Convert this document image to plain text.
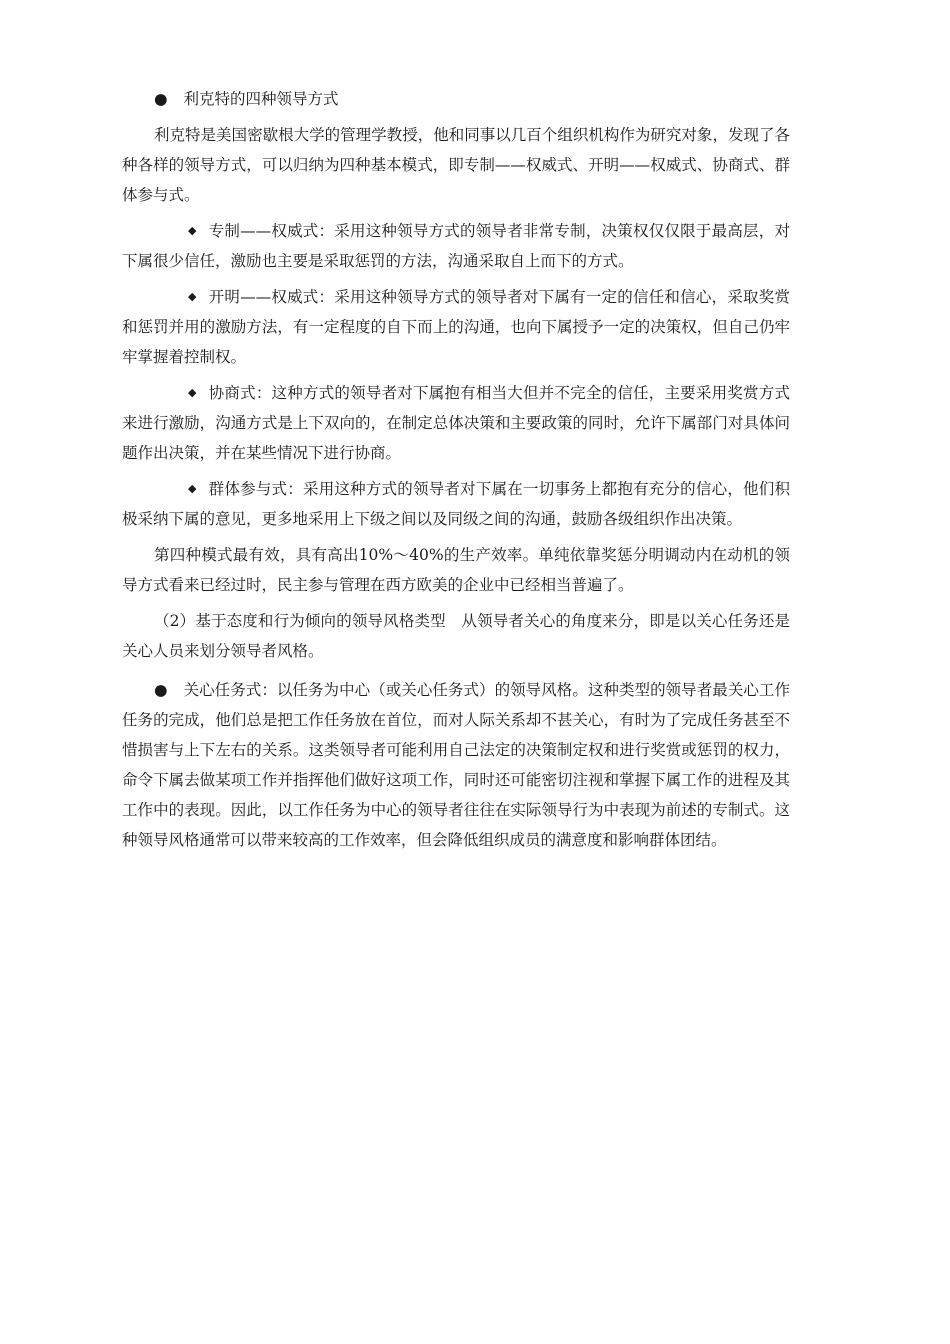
● 利克特的四种领导方式

利克特是美国密歇根大学的管理学教授，他和同事以几百个组织机构作为研究对象，发现了各种各样的领导方式，可以归纳为四种基本模式，即专制——权威式、开明——权威式、协商式、群体参与式。

◆ 专制——权威式：采用这种领导方式的领导者非常专制，决策权仅仅限于最高层，对下属很少信任，激励也主要是采取惩罚的方法，沟通采取自上而下的方式。

◆ 开明——权威式：采用这种领导方式的领导者对下属有一定的信任和信心，采取奖赏和惩罚并用的激励方法，有一定程度的自下而上的沟通，也向下属授予一定的决策权，但自己仍牢牢掌握着控制权。

◆ 协商式：这种方式的领导者对下属抱有相当大但并不完全的信任，主要采用奖赏方式来进行激励，沟通方式是上下双向的，在制定总体决策和主要政策的同时，允许下属部门对具体问题作出决策，并在某些情况下进行协商。

◆ 群体参与式：采用这种方式的领导者对下属在一切事务上都抱有充分的信心，他们积极采纳下属的意见，更多地采用上下级之间以及同级之间的沟通，鼓励各级组织作出决策。

第四种模式最有效，具有高出10%～40%的生产效率。单纯依靠奖惩分明调动内在动机的领导方式看来已经过时，民主参与管理在西方欧美的企业中已经相当普遍了。

（2）基于态度和行为倾向的领导风格类型　从领导者关心的角度来分，即是以关心任务还是关心人员来划分领导者风格。

● 关心任务式：以任务为中心（或关心任务式）的领导风格。这种类型的领导者最关心工作任务的完成，他们总是把工作任务放在首位，而对人际关系却不甚关心，有时为了完成任务甚至不惜损害与上下左右的关系。这类领导者可能利用自己法定的决策制定权和进行奖赏或惩罚的权力，命令下属去做某项工作并指挥他们做好这项工作，同时还可能密切注视和掌握下属工作的进程及其工作中的表现。因此，以工作任务为中心的领导者往往在实际领导行为中表现为前述的专制式。这种领导风格通常可以带来较高的工作效率，但会降低组织成员的满意度和影响群体团结。
